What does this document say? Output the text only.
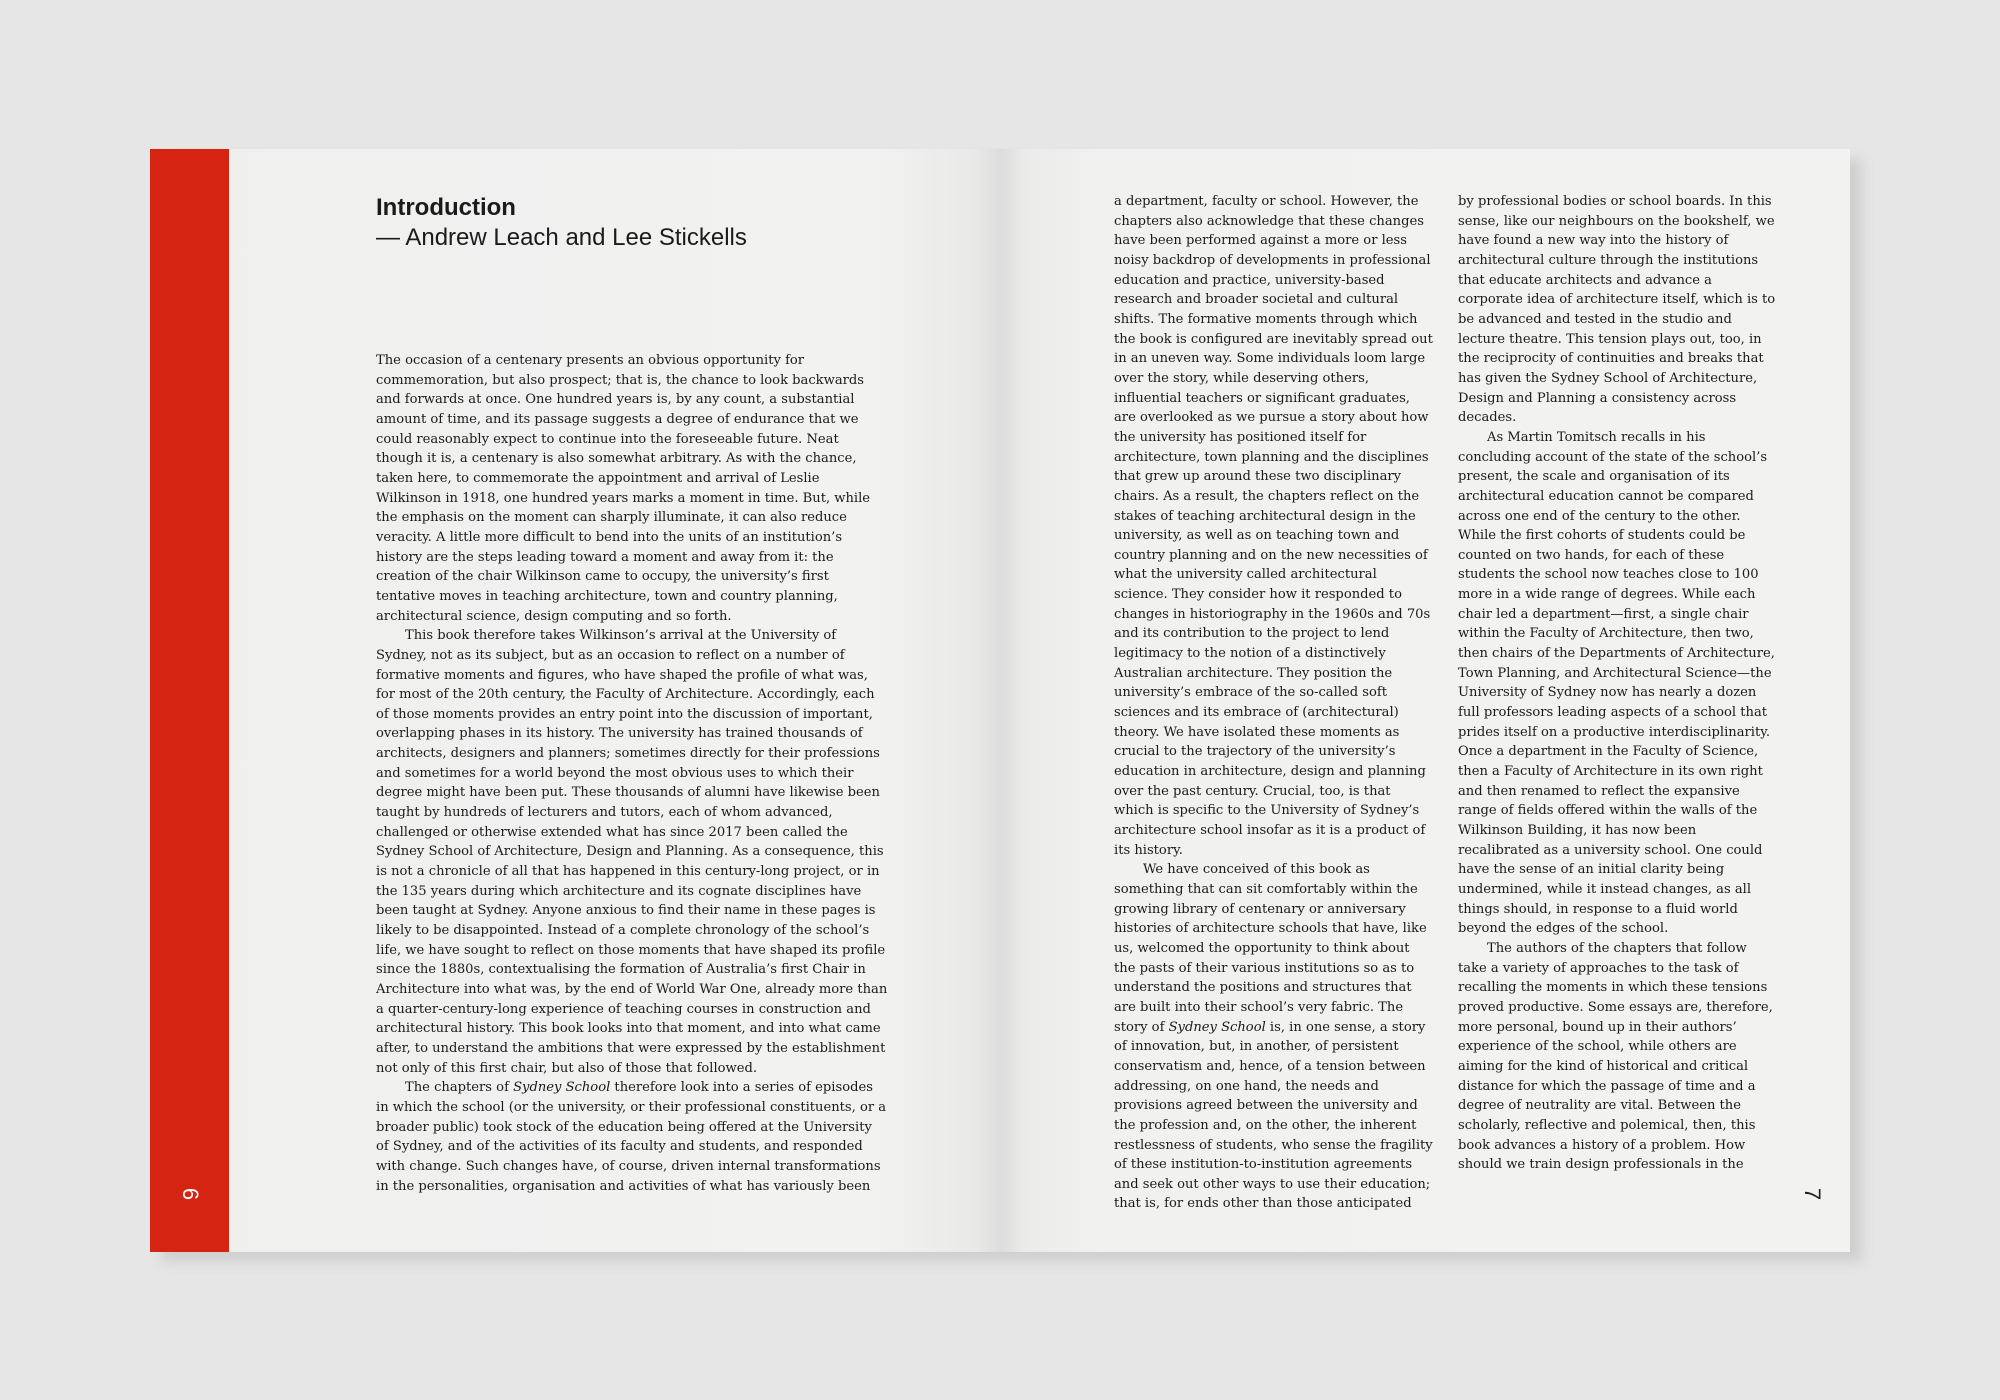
6
Introduction
— Andrew Leach and Lee Stickells

The occasion of a centenary presents an obvious opportunity for commemoration, but also prospect; that is, the chance to look backwards and forwards at once. One hundred years is, by any count, a substantial amount of time, and its passage suggests a degree of endurance that we could reasonably expect to continue into the foreseeable future. Neat though it is, a centenary is also somewhat arbitrary. As with the chance, taken here, to commemorate the appointment and arrival of Leslie Wilkinson in 1918, one hundred years marks a moment in time. But, while the emphasis on the moment can sharply illuminate, it can also reduce veracity. A little more difficult to bend into the units of an institution’s history are the steps leading toward a moment and away from it: the creation of the chair Wilkinson came to occupy, the university’s first tentative moves in teaching architecture, town and country planning, architectural science, design computing and so forth.

This book therefore takes Wilkinson’s arrival at the University of Sydney, not as its subject, but as an occasion to reflect on a number of formative moments and figures, who have shaped the profile of what was, for most of the 20th century, the Faculty of Architecture. Accordingly, each of those moments provides an entry point into the discussion of important, overlapping phases in its history. The university has trained thousands of architects, designers and planners; sometimes directly for their professions and sometimes for a world beyond the most obvious uses to which their degree might have been put. These thousands of alumni have likewise been taught by hundreds of lecturers and tutors, each of whom advanced, challenged or otherwise extended what has since 2017 been called the Sydney School of Architecture, Design and Planning. As a consequence, this is not a chronicle of all that has happened in this century-long project, or in the 135 years during which architecture and its cognate disciplines have been taught at Sydney. Anyone anxious to find their name in these pages is likely to be disappointed. Instead of a complete chronology of the school’s life, we have sought to reflect on those moments that have shaped its profile since the 1880s, contextualising the formation of Australia’s first Chair in Architecture into what was, by the end of World War One, already more than a quarter-century-long experience of teaching courses in construction and architectural history. This book looks into that moment, and into what came after, to understand the ambitions that were expressed by the establishment not only of this first chair, but also of those that followed.

The chapters of Sydney School therefore look into a series of episodes in which the school (or the university, or their professional constituents, or a broader public) took stock of the education being offered at the University of Sydney, and of the activities of its faculty and students, and responded with change. Such changes have, of course, driven internal transformations in the personalities, organisation and activities of what has variously been

a department, faculty or school. However, the chapters also acknowledge that these changes have been performed against a more or less noisy backdrop of developments in professional education and practice, university-based research and broader societal and cultural shifts. The formative moments through which the book is configured are inevitably spread out in an uneven way. Some individuals loom large over the story, while deserving others, influential teachers or significant graduates, are overlooked as we pursue a story about how the university has positioned itself for architecture, town planning and the disciplines that grew up around these two disciplinary chairs. As a result, the chapters reflect on the stakes of teaching architectural design in the university, as well as on teaching town and country planning and on the new necessities of what the university called architectural science. They consider how it responded to changes in historiography in the 1960s and 70s and its contribution to the project to lend legitimacy to the notion of a distinctively Australian architecture. They position the university’s embrace of the so-called soft sciences and its embrace of (architectural) theory. We have isolated these moments as crucial to the trajectory of the university’s education in architecture, design and planning over the past century. Crucial, too, is that which is specific to the University of Sydney’s architecture school insofar as it is a product of its history.

We have conceived of this book as something that can sit comfortably within the growing library of centenary or anniversary histories of architecture schools that have, like us, welcomed the opportunity to think about the pasts of their various institutions so as to understand the positions and structures that are built into their school’s very fabric. The story of Sydney School is, in one sense, a story of innovation, but, in another, of persistent conservatism and, hence, of a tension between addressing, on one hand, the needs and provisions agreed between the university and the profession and, on the other, the inherent restlessness of students, who sense the fragility of these institution-to-institution agreements and seek out other ways to use their education; that is, for ends other than those anticipated

by professional bodies or school boards. In this sense, like our neighbours on the bookshelf, we have found a new way into the history of architectural culture through the institutions that educate architects and advance a corporate idea of architecture itself, which is to be advanced and tested in the studio and lecture theatre. This tension plays out, too, in the reciprocity of continuities and breaks that has given the Sydney School of Architecture, Design and Planning a consistency across decades.

As Martin Tomitsch recalls in his concluding account of the state of the school’s present, the scale and organisation of its architectural education cannot be compared across one end of the century to the other. While the first cohorts of students could be counted on two hands, for each of these students the school now teaches close to 100 more in a wide range of degrees. While each chair led a department—first, a single chair within the Faculty of Architecture, then two, then chairs of the Departments of Architecture, Town Planning, and Architectural Science—the University of Sydney now has nearly a dozen full professors leading aspects of a school that prides itself on a productive interdisciplinarity. Once a department in the Faculty of Science, then a Faculty of Architecture in its own right and then renamed to reflect the expansive range of fields offered within the walls of the Wilkinson Building, it has now been recalibrated as a university school. One could have the sense of an initial clarity being undermined, while it instead changes, as all things should, in response to a fluid world beyond the edges of the school.

The authors of the chapters that follow take a variety of approaches to the task of recalling the moments in which these tensions proved productive. Some essays are, therefore, more personal, bound up in their authors’ experience of the school, while others are aiming for the kind of historical and critical distance for which the passage of time and a degree of neutrality are vital. Between the scholarly, reflective and polemical, then, this book advances a history of a problem. How should we train design professionals in the

7
